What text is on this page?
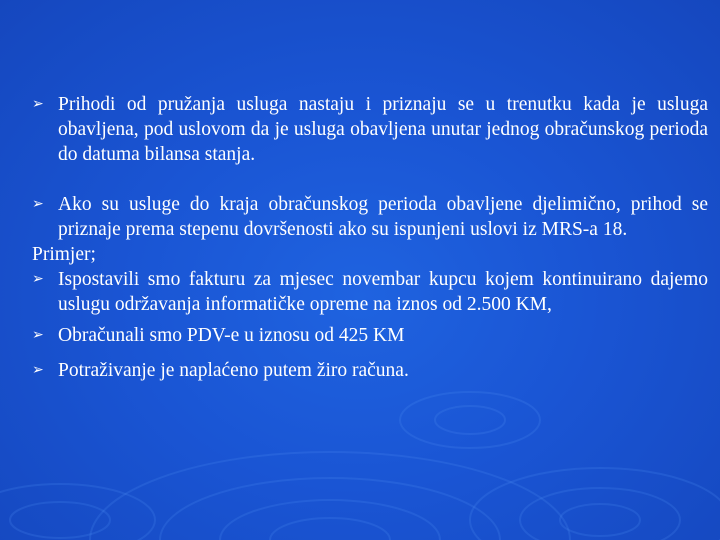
➢ Prihodi od pružanja usluga nastaju i priznaju se u trenutku kada je usluga obavljena, pod uslovom da je usluga obavljena unutar jednog obračunskog perioda do datuma bilansa stanja.
➢ Ako su usluge do kraja obračunskog perioda obavljene djelimično, prihod se priznaje prema stepenu dovršenosti ako su ispunjeni uslovi iz MRS-a 18.

Primjer;

➢ Ispostavili smo fakturu za mjesec novembar kupcu kojem kontinuirano dajemo uslugu održavanja informatičke opreme na iznos od 2.500 KM,
➢ Obračunali smo PDV-e u iznosu od 425 KM
➢ Potraživanje je naplaćeno putem žiro računa.
